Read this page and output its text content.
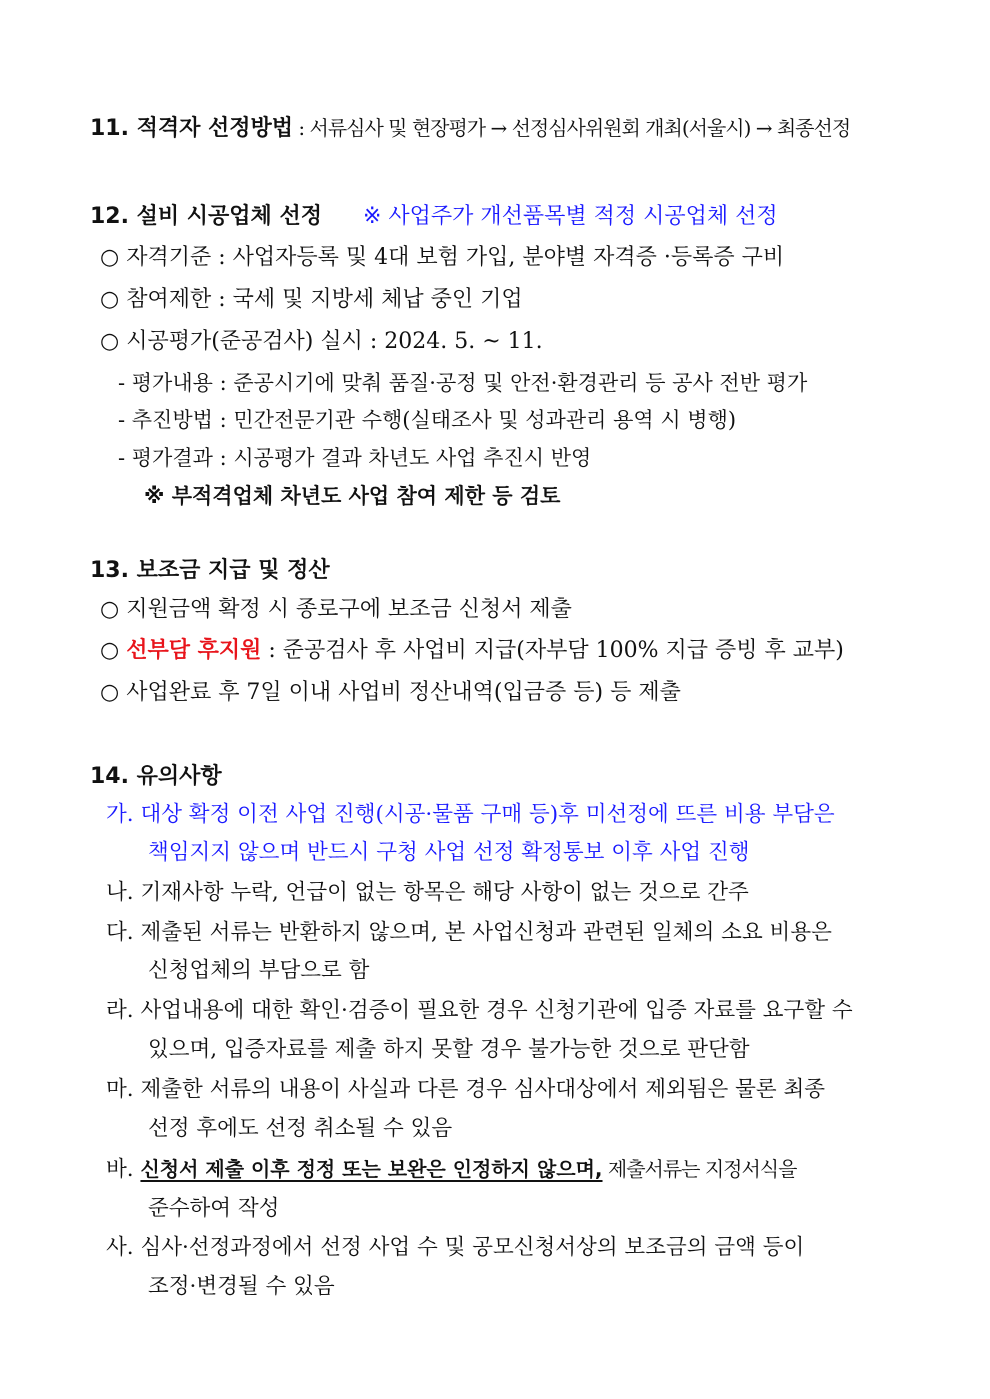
11. 적격자 선정방법 : 서류심사 및 현장평가 → 선정심사위원회 개최(서울시) → 최종선정
12. 설비 시공업체 선정 ※ 사업주가 개선품목별 적정 시공업체 선정
○ 자격기준 : 사업자등록 및 4대 보험 가입, 분야별 자격증 ·등록증 구비
○ 참여제한 : 국세 및 지방세 체납 중인 기업
○ 시공평가(준공검사) 실시 : 2024. 5. ~ 11.
- 평가내용 : 준공시기에 맞춰 품질·공정 및 안전·환경관리 등 공사 전반 평가
- 추진방법 : 민간전문기관 수행(실태조사 및 성과관리 용역 시 병행)
- 평가결과 : 시공평가 결과 차년도 사업 추진시 반영
※ 부적격업체 차년도 사업 참여 제한 등 검토
13. 보조금 지급 및 정산
○ 지원금액 확정 시 종로구에 보조금 신청서 제출
○ 선부담 후지원 : 준공검사 후 사업비 지급(자부담 100% 지급 증빙 후 교부)
○ 사업완료 후 7일 이내 사업비 정산내역(입금증 등) 등 제출
14. 유의사항
가. 대상 확정 이전 사업 진행(시공·물품 구매 등)후 미선정에 뜨른 비용 부담은
책임지지 않으며 반드시 구청 사업 선정 확정통보 이후 사업 진행
나. 기재사항 누락, 언급이 없는 항목은 해당 사항이 없는 것으로 간주
다. 제출된 서류는 반환하지 않으며, 본 사업신청과 관련된 일체의 소요 비용은
신청업체의 부담으로 함
라. 사업내용에 대한 확인·검증이 필요한 경우 신청기관에 입증 자료를 요구할 수
있으며, 입증자료를 제출 하지 못할 경우 불가능한 것으로 판단함
마. 제출한 서류의 내용이 사실과 다른 경우 심사대상에서 제외됨은 물론 최종
선정 후에도 선정 취소될 수 있음
바. 신청서 제출 이후 정정 또는 보완은 인정하지 않으며, 제출서류는 지정서식을
준수하여 작성
사. 심사·선정과정에서 선정 사업 수 및 공모신청서상의 보조금의 금액 등이
조정·변경될 수 있음
